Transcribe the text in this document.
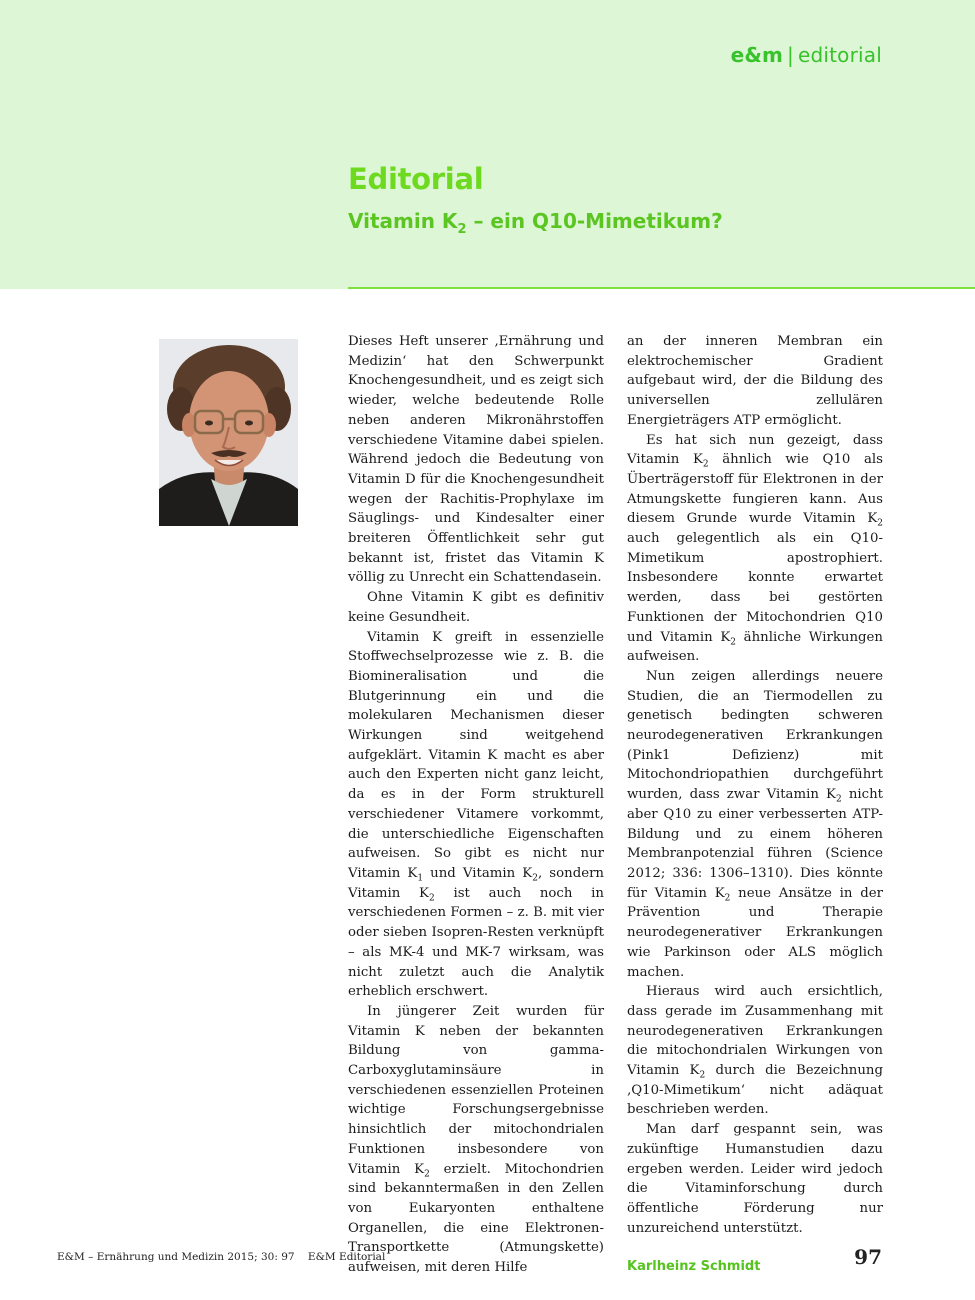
e&m | editorial
Editorial
Vitamin $K_2$ – ein Q10-Mimetikum?

Dieses Heft unserer ‚Ernährung und Medizin‘ hat den Schwerpunkt Knochengesundheit, und es zeigt sich wieder, welche bedeutende Rolle neben anderen Mikronährstoffen verschiedene Vitamine dabei spielen. Während jedoch die Bedeutung von Vitamin D für die Knochengesundheit wegen der Rachitis-Prophylaxe im Säuglings- und Kindesalter einer breiteren Öffentlichkeit sehr gut bekannt ist, fristet das Vitamin K völlig zu Unrecht ein Schattendasein.

Ohne Vitamin K gibt es definitiv keine Gesundheit.

Vitamin K greift in essenzielle Stoffwechselprozesse wie z. B. die Biomineralisation und die Blutgerinnung ein und die molekularen Mechanismen dieser Wirkungen sind weitgehend aufgeklärt. Vitamin K macht es aber auch den Experten nicht ganz leicht, da es in der Form strukturell verschiedener Vitamere vorkommt, die unterschiedliche Eigenschaften aufweisen. So gibt es nicht nur Vitamin $K_1$ und Vitamin $K_2$, sondern Vitamin $K_2$ ist auch noch in verschiedenen Formen – z. B. mit vier oder sieben Isopren-Resten verknüpft – als MK-4 und MK-7 wirksam, was nicht zuletzt auch die Analytik erheblich erschwert.

In jüngerer Zeit wurden für Vitamin K neben der bekannten Bildung von gamma-Carboxyglutaminsäure in verschiedenen essenziellen Proteinen wichtige Forschungsergebnisse hinsichtlich der mitochondrialen Funktionen insbesondere von Vitamin $K_2$ erzielt. Mitochondrien sind bekanntermaßen in den Zellen von Eukaryonten enthaltene Organellen, die eine Elektronen-Transportkette (Atmungskette) aufweisen, mit deren Hilfe

an der inneren Membran ein elektrochemischer Gradient aufgebaut wird, der die Bildung des universellen zellulären Energieträgers ATP ermöglicht.

Es hat sich nun gezeigt, dass Vitamin $K_2$ ähnlich wie Q10 als Überträgerstoff für Elektronen in der Atmungskette fungieren kann. Aus diesem Grunde wurde Vitamin $K_2$ auch gelegentlich als ein Q10-Mimetikum apostrophiert. Insbesondere konnte erwartet werden, dass bei gestörten Funktionen der Mitochondrien Q10 und Vitamin $K_2$ ähnliche Wirkungen aufweisen.

Nun zeigen allerdings neuere Studien, die an Tiermodellen zu genetisch bedingten schweren neurodegenerativen Erkrankungen (Pink1 Defizienz) mit Mitochondriopathien durchgeführt wurden, dass zwar Vitamin $K_2$ nicht aber Q10 zu einer verbesserten ATP-Bildung und zu einem höheren Membranpotenzial führen (Science 2012; 336: 1306–1310). Dies könnte für Vitamin $K_2$ neue Ansätze in der Prävention und Therapie neurodegenerativer Erkrankungen wie Parkinson oder ALS möglich machen.

Hieraus wird auch ersichtlich, dass gerade im Zusammenhang mit neurodegenerativen Erkrankungen die mitochondrialen Wirkungen von Vitamin $K_2$ durch die Bezeichnung ‚Q10-Mimetikum‘ nicht adäquat beschrieben werden.

Man darf gespannt sein, was zukünftige Humanstudien dazu ergeben werden. Leider wird jedoch die Vitaminforschung durch öffentliche Förderung nur unzureichend unterstützt.

Karlheinz Schmidt

E&M – Ernährung und Medizin 2015; 30: 97    E&M Editorial	97
